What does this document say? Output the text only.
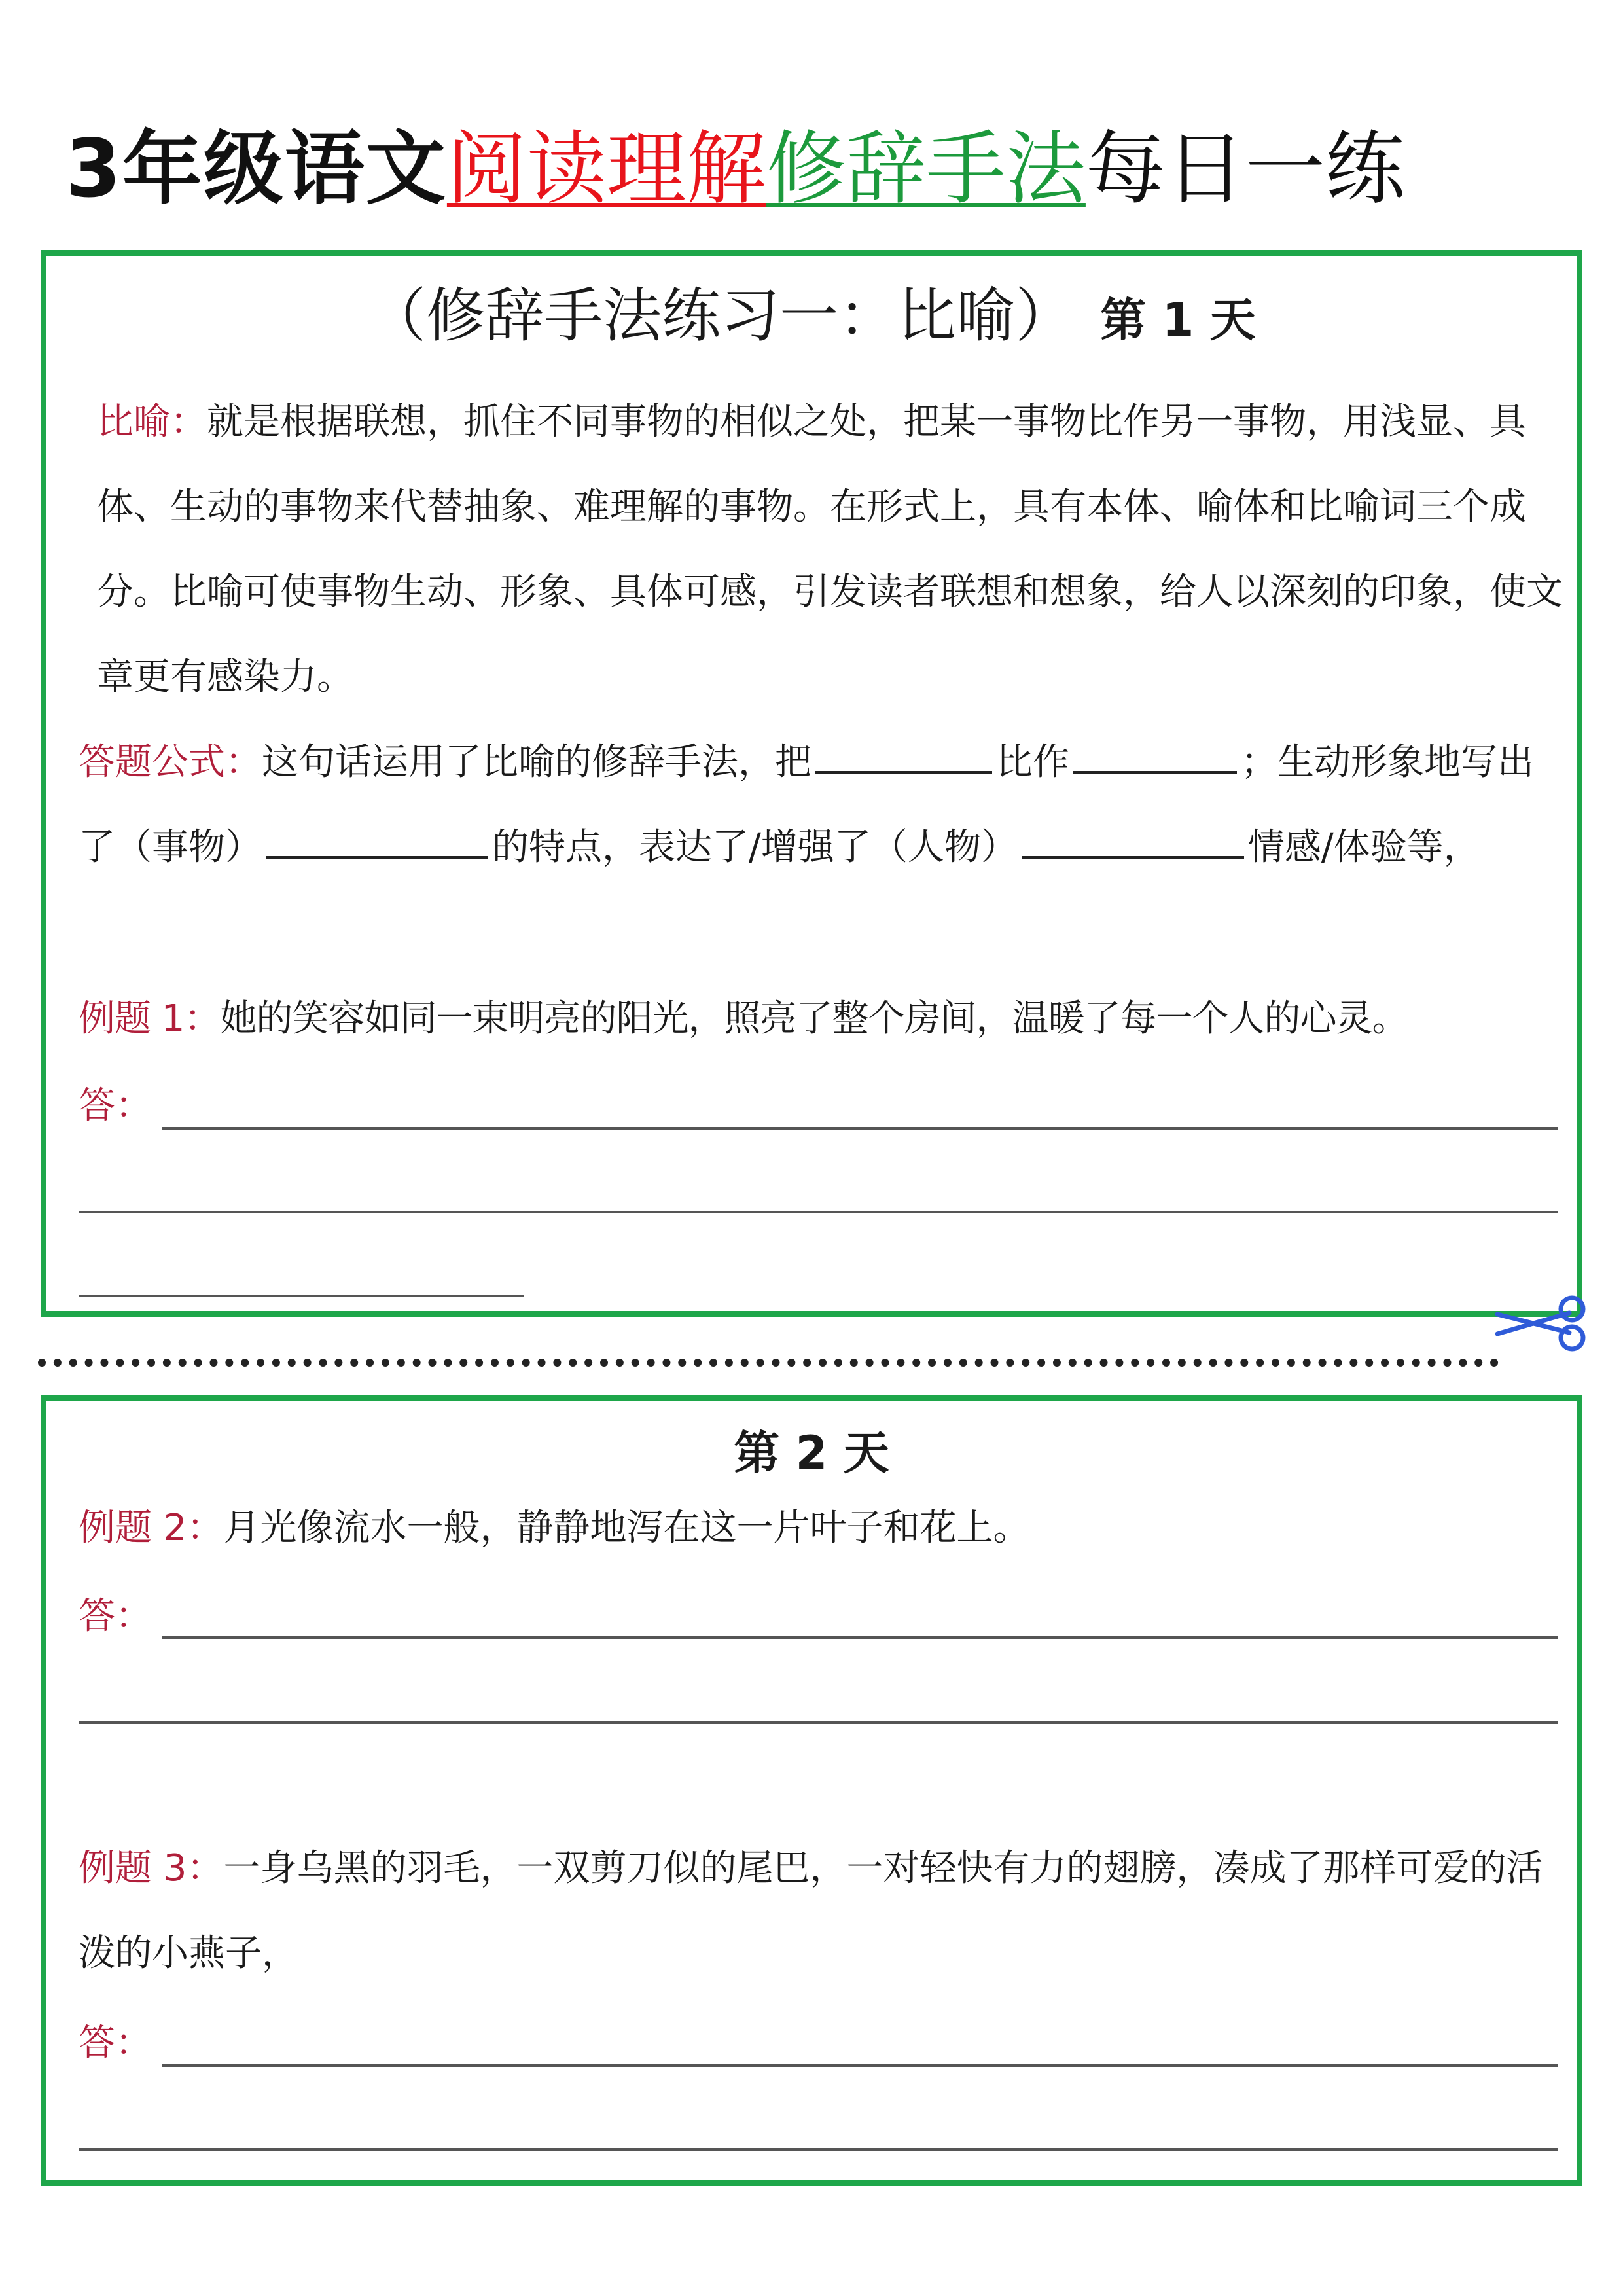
3年级语文 阅读理解 修辞手法 每日一练
（修辞手法练习一：比喻） 第 1 天
比喻：就是根据联想，抓住不同事物的相似之处，把某一事物比作另一事物，用浅显、具体、生动的事物来代替抽象、难理解的事物。在形式上，具有本体、喻体和比喻词三个成分。比喻可使事物生动、形象、具体可感，引发读者联想和想象，给人以深刻的印象，使文章更有感染力。
答题公式：这句话运用了比喻的修辞手法，把	比作	；生动形象地写出了（事物）	的特点，表达了/增强了（人物）	情感/体验等，
例题 1：她的笑容如同一束明亮的阳光，照亮了整个房间，温暖了每一个人的心灵。
答：
第 2 天
例题 2：月光像流水一般，静静地泻在这一片叶子和花上。
答：
例题 3：一身乌黑的羽毛，一双剪刀似的尾巴，一对轻快有力的翅膀，凑成了那样可爱的活泼的小燕子，
答：
